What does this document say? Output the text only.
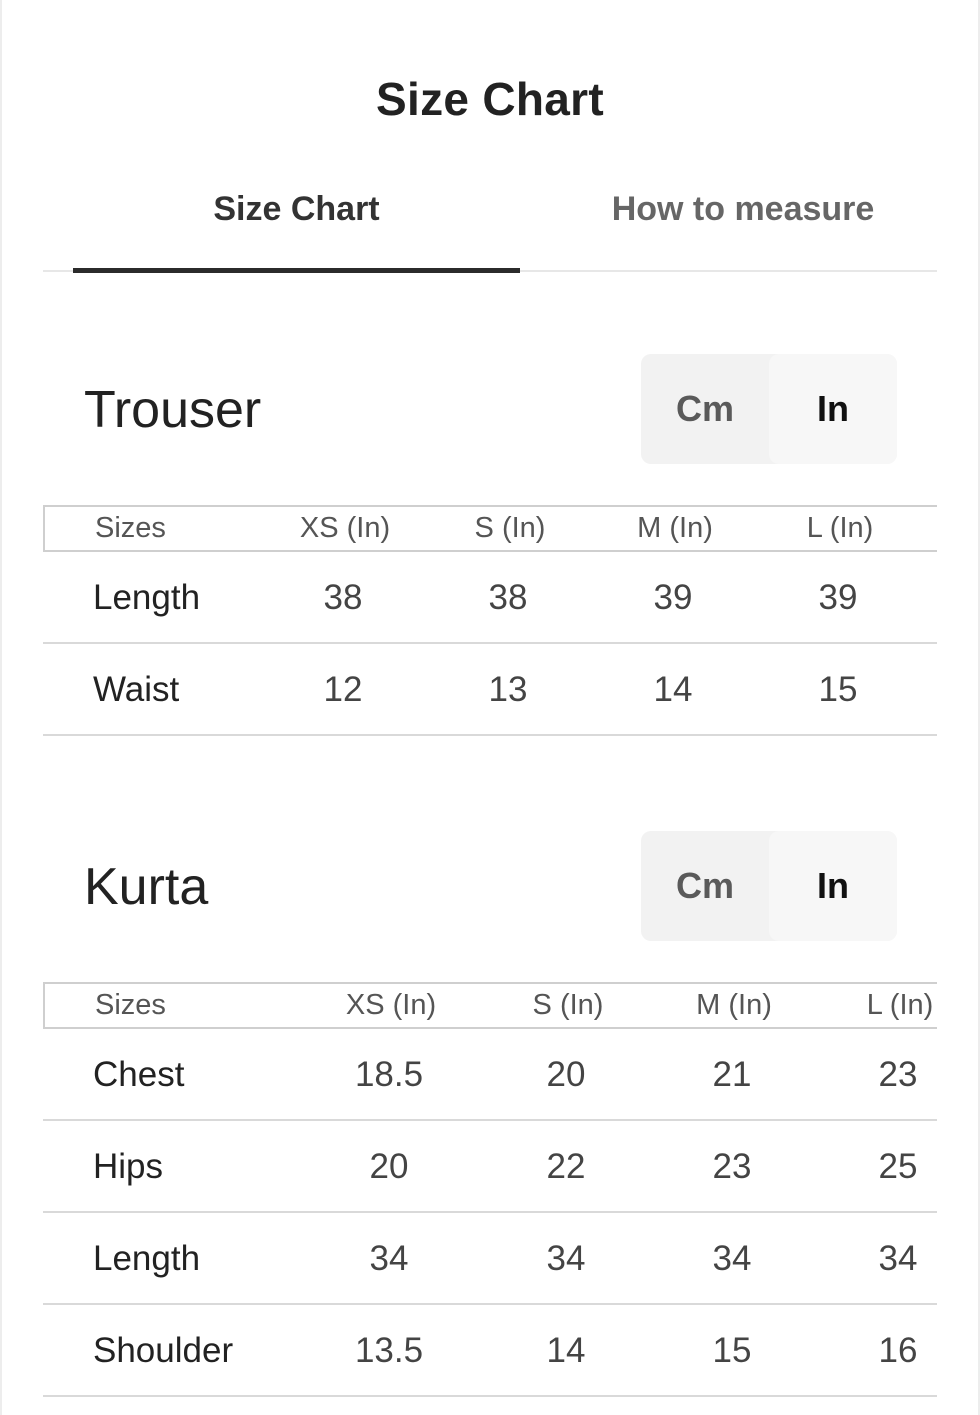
Size Chart
Size Chart	How to measure
Trouser	Cm	In
Sizes	XS (In)	S (In)	M (In)	L (In)
Length	38	38	39	39
Waist	12	13	14	15
Kurta	Cm	In
Sizes	XS (In)	S (In)	M (In)	L (In)
Chest	18.5	20	21	23
Hips	20	22	23	25
Length	34	34	34	34
Shoulder	13.5	14	15	16
